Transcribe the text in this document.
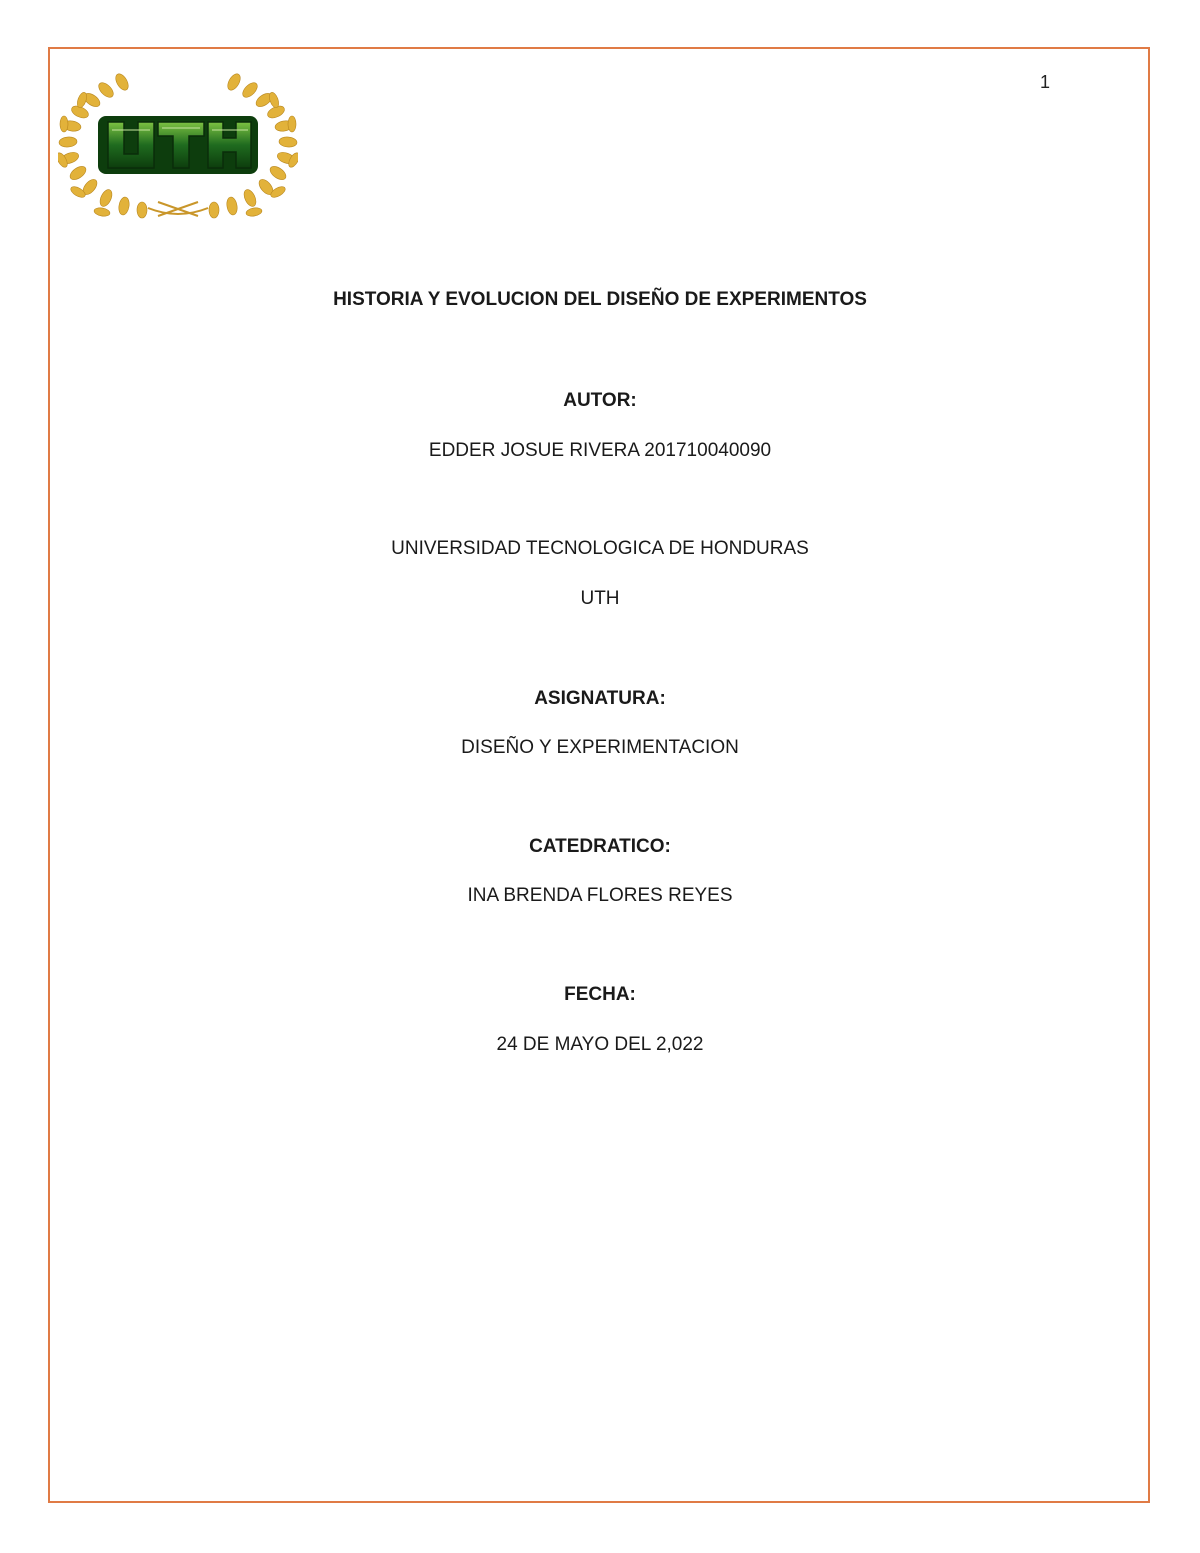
1
HISTORIA Y EVOLUCION DEL DISEÑO DE EXPERIMENTOS
AUTOR:
EDDER JOSUE RIVERA 201710040090
UNIVERSIDAD TECNOLOGICA DE HONDURAS
UTH
ASIGNATURA:
DISEÑO Y EXPERIMENTACION
CATEDRATICO:
INA BRENDA FLORES REYES
FECHA:
24 DE MAYO DEL 2,022
